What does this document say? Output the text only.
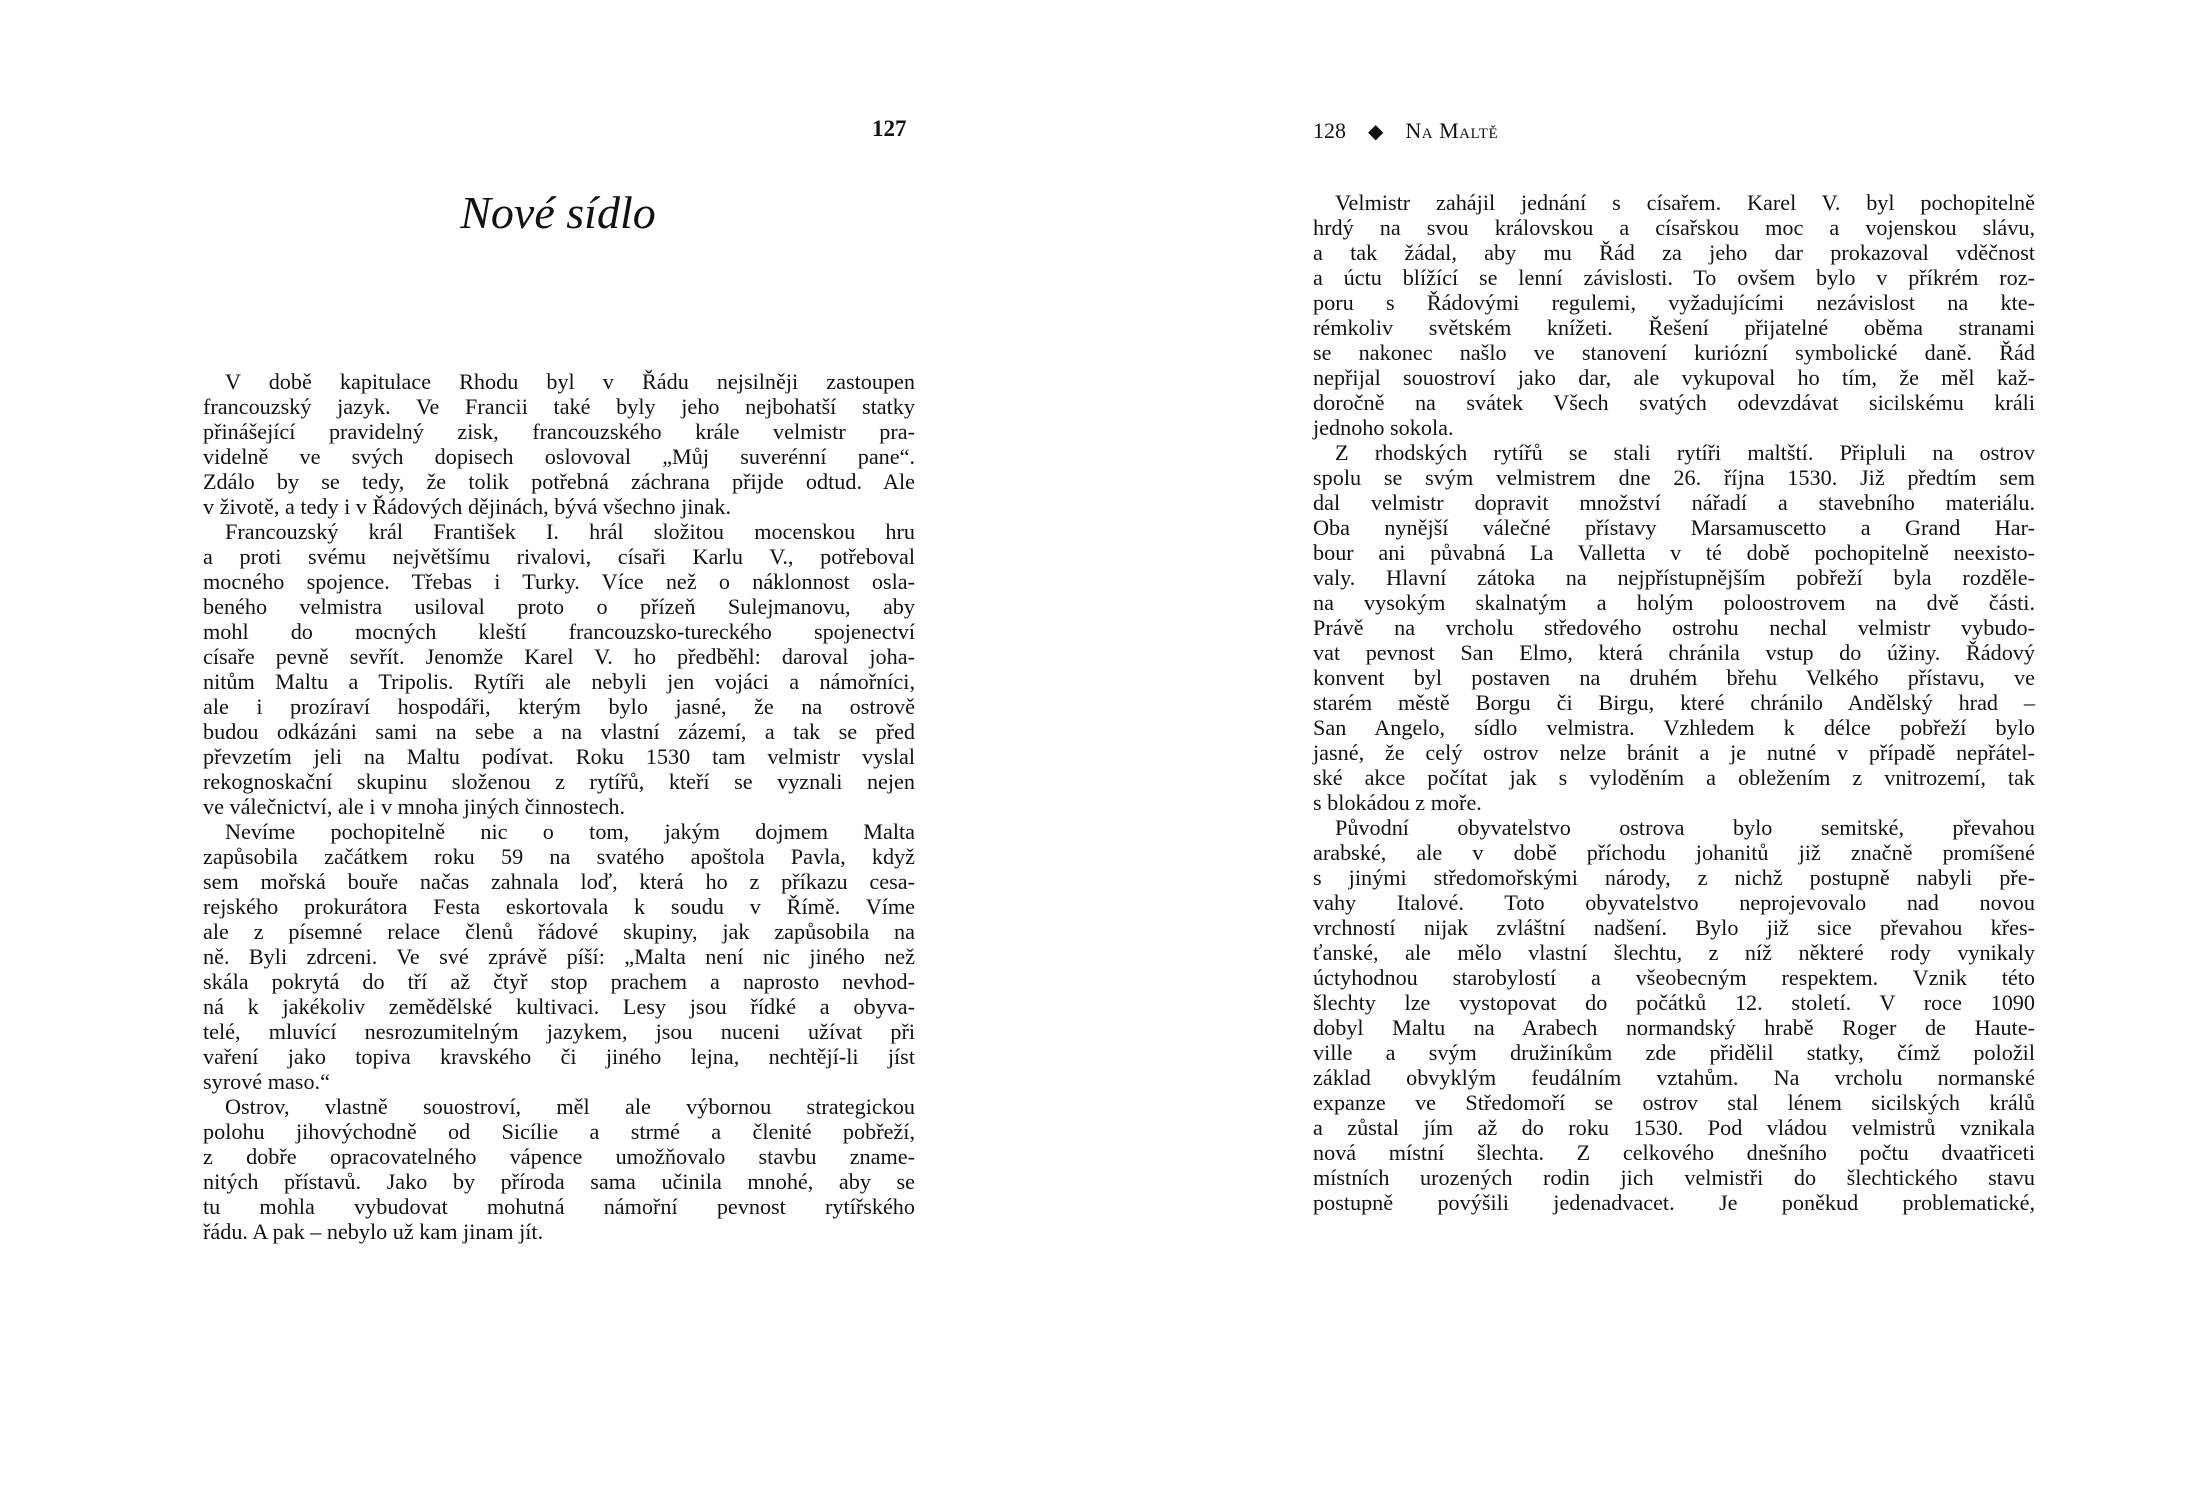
127
Nové sídlo
V době kapitulace Rhodu byl v Řádu nejsilněji zastoupen
francouzský jazyk. Ve Francii také byly jeho nejbohatší statky
přinášející pravidelný zisk, francouzského krále velmistr pra-
videlně ve svých dopisech oslovoval „Můj suverénní pane“.
Zdálo by se tedy, že tolik potřebná záchrana přijde odtud. Ale
v životě, a tedy i v Řádových dějinách, bývá všechno jinak.
Francouzský král František I. hrál složitou mocenskou hru
a proti svému největšímu rivalovi, císaři Karlu V., potřeboval
mocného spojence. Třebas i Turky. Více než o náklonnost osla-
beného velmistra usiloval proto o přízeň Sulejmanovu, aby
mohl do mocných kleští francouzsko-tureckého spojenectví
císaře pevně sevřít. Jenomže Karel V. ho předběhl: daroval joha-
nitům Maltu a Tripolis. Rytíři ale nebyli jen vojáci a námořníci,
ale i prozíraví hospodáři, kterým bylo jasné, že na ostrově
budou odkázáni sami na sebe a na vlastní zázemí, a tak se před
převzetím jeli na Maltu podívat. Roku 1530 tam velmistr vyslal
rekognoskační skupinu složenou z rytířů, kteří se vyznali nejen
ve válečnictví, ale i v mnoha jiných činnostech.
Nevíme pochopitelně nic o tom, jakým dojmem Malta
zapůsobila začátkem roku 59 na svatého apoštola Pavla, když
sem mořská bouře načas zahnala loď, která ho z příkazu cesa-
rejského prokurátora Festa eskortovala k soudu v Římě. Víme
ale z písemné relace členů řádové skupiny, jak zapůsobila na
ně. Byli zdrceni. Ve své zprávě píší: „Malta není nic jiného než
skála pokrytá do tří až čtyř stop prachem a naprosto nevhod-
ná k jakékoliv zemědělské kultivaci. Lesy jsou řídké a obyva-
telé, mluvící nesrozumitelným jazykem, jsou nuceni užívat při
vaření jako topiva kravského či jiného lejna, nechtějí-li jíst
syrové maso.“
Ostrov, vlastně souostroví, měl ale výbornou strategickou
polohu jihovýchodně od Sicílie a strmé a členité pobřeží,
z dobře opracovatelného vápence umožňovalo stavbu zname-
nitých přístavů. Jako by příroda sama učinila mnohé, aby se
tu mohla vybudovat mohutná námořní pevnost rytířského
řádu. A pak – nebylo už kam jinam jít.
128 ◆ Na Maltě
Velmistr zahájil jednání s císařem. Karel V. byl pochopitelně
hrdý na svou královskou a císařskou moc a vojenskou slávu,
a tak žádal, aby mu Řád za jeho dar prokazoval vděčnost
a úctu blížící se lenní závislosti. To ovšem bylo v příkrém roz-
poru s Řádovými regulemi, vyžadujícími nezávislost na kte-
rémkoliv světském knížeti. Řešení přijatelné oběma stranami
se nakonec našlo ve stanovení kuriózní symbolické daně. Řád
nepřijal souostroví jako dar, ale vykupoval ho tím, že měl kaž-
doročně na svátek Všech svatých odevzdávat sicilskému králi
jednoho sokola.
Z rhodských rytířů se stali rytíři maltští. Připluli na ostrov
spolu se svým velmistrem dne 26. října 1530. Již předtím sem
dal velmistr dopravit množství nářadí a stavebního materiálu.
Oba nynější válečné přístavy Marsamuscetto a Grand Har-
bour ani půvabná La Valletta v té době pochopitelně neexisto-
valy. Hlavní zátoka na nejpřístupnějším pobřeží byla rozděle-
na vysokým skalnatým a holým poloostrovem na dvě části.
Právě na vrcholu středového ostrohu nechal velmistr vybudo-
vat pevnost San Elmo, která chránila vstup do úžiny. Řádový
konvent byl postaven na druhém břehu Velkého přístavu, ve
starém městě Borgu či Birgu, které chránilo Andělský hrad –
San Angelo, sídlo velmistra. Vzhledem k délce pobřeží bylo
jasné, že celý ostrov nelze bránit a je nutné v případě nepřátel-
ské akce počítat jak s vyloděním a obležením z vnitrozemí, tak
s blokádou z moře.
Původní obyvatelstvo ostrova bylo semitské, převahou
arabské, ale v době příchodu johanitů již značně promíšené
s jinými středomořskými národy, z nichž postupně nabyli pře-
vahy Italové. Toto obyvatelstvo neprojevovalo nad novou
vrchností nijak zvláštní nadšení. Bylo již sice převahou křes-
ťanské, ale mělo vlastní šlechtu, z níž některé rody vynikaly
úctyhodnou starobylostí a všeobecným respektem. Vznik této
šlechty lze vystopovat do počátků 12. století. V roce 1090
dobyl Maltu na Arabech normandský hrabě Roger de Haute-
ville a svým družiníkům zde přidělil statky, čímž položil
základ obvyklým feudálním vztahům. Na vrcholu normanské
expanze ve Středomoří se ostrov stal lénem sicilských králů
a zůstal jím až do roku 1530. Pod vládou velmistrů vznikala
nová místní šlechta. Z celkového dnešního počtu dvaatřiceti
místních urozených rodin jich velmistři do šlechtického stavu
postupně povýšili jedenadvacet. Je poněkud problematické,
